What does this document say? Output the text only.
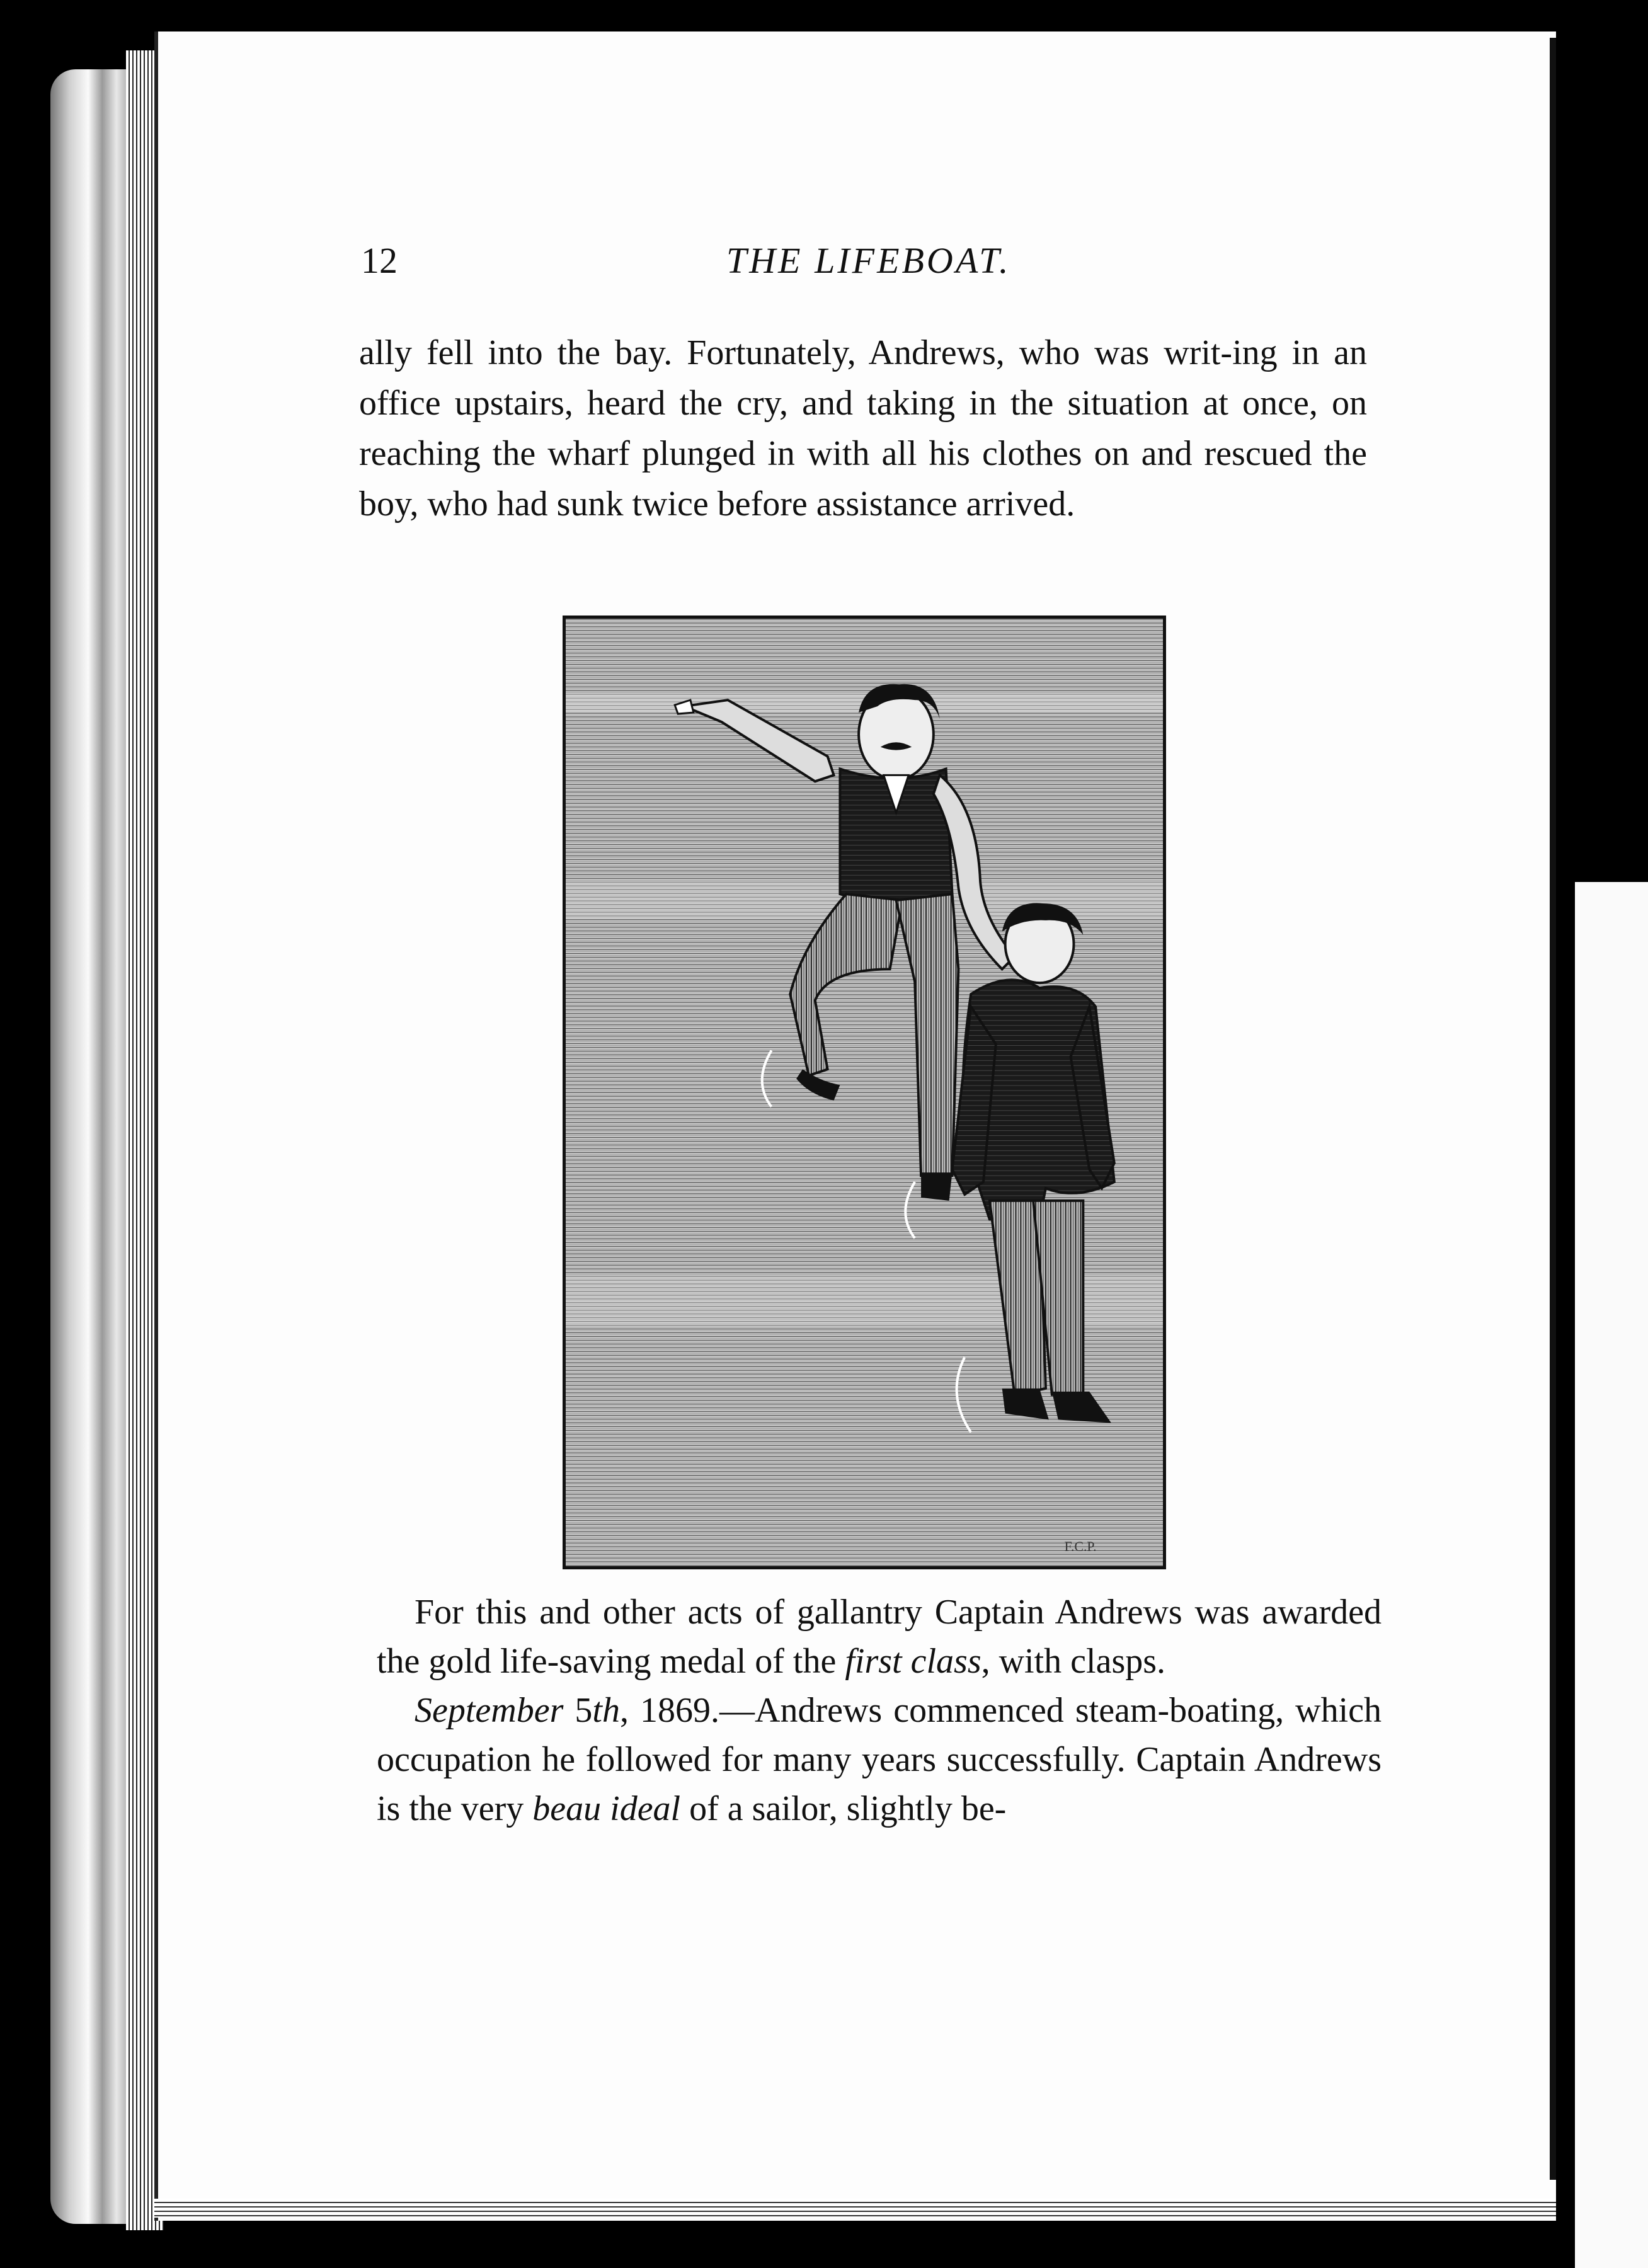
12	THE LIFEBOAT.

ally fell into the bay. Fortunately, Andrews, who was writ-ing in an office upstairs, heard the cry, and taking in the situation at once, on reaching the wharf plunged in with all his clothes on and rescued the boy, who had sunk twice before assistance arrived.

F.C.P.

For this and other acts of gallantry Captain Andrews was awarded the gold life-saving medal of the first class, with clasps.

September 5th, 1869.—Andrews commenced steam-boating, which occupation he followed for many years successfully. Captain Andrews is the very beau ideal of a sailor, slightly be-
